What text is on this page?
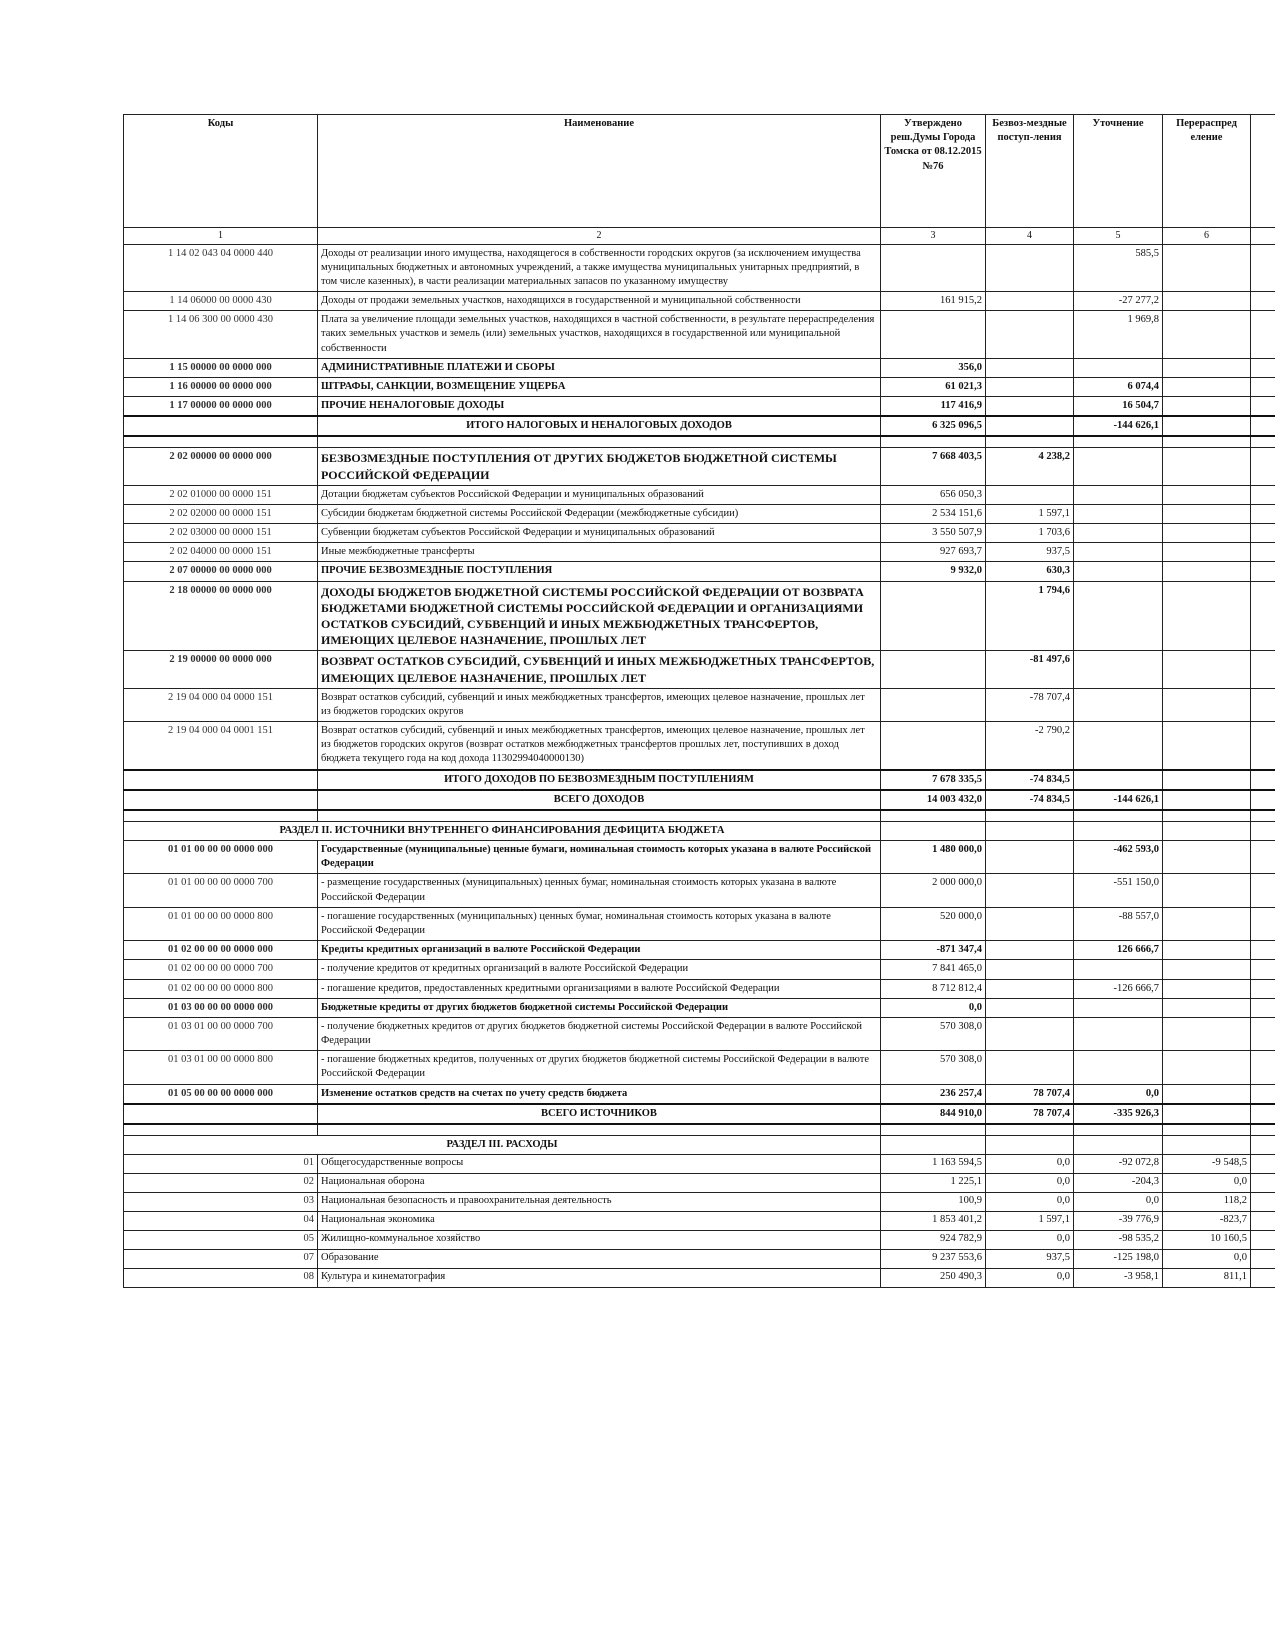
Коды	Наименование	Утверждено реш.Думы Города Томска от 08.12.2015 №76	Безвоз-мездные поступ-ления	Уточнение	Перераспред еление	
1	2	3	4	5	6	
1 14 02 043 04 0000 440	Доходы от реализации иного имущества, находящегося в собственности городских округов (за исключением имущества муниципальных бюджетных и автономных учреждений, а также имущества муниципальных унитарных предприятий, в том числе казенных), в части реализации материальных запасов по указанному имуществу			585,5		
1 14 06000 00 0000 430	Доходы от продажи земельных участков, находящихся в государственной и муниципальной собственности	161 915,2		-27 277,2		
1 14 06 300 00 0000 430	Плата за увеличение площади земельных участков, находящихся в частной собственности, в результате перераспределения таких земельных участков и земель (или) земельных участков, находящихся в государственной или муниципальной собственности			1 969,8		
1 15 00000 00 0000 000	АДМИНИСТРАТИВНЫЕ ПЛАТЕЖИ И СБОРЫ	356,0				
1 16 00000 00 0000 000	ШТРАФЫ, САНКЦИИ, ВОЗМЕЩЕНИЕ УЩЕРБА	61 021,3		6 074,4		
1 17 00000 00 0000 000	ПРОЧИЕ НЕНАЛОГОВЫЕ ДОХОДЫ	117 416,9		16 504,7		
	ИТОГО НАЛОГОВЫХ И НЕНАЛОГОВЫХ ДОХОДОВ	6 325 096,5		-144 626,1		

2 02 00000 00 0000 000	БЕЗВОЗМЕЗДНЫЕ ПОСТУПЛЕНИЯ ОТ ДРУГИХ БЮДЖЕТОВ БЮДЖЕТНОЙ СИСТЕМЫ РОССИЙСКОЙ ФЕДЕРАЦИИ	7 668 403,5	4 238,2			
2 02 01000 00 0000 151	Дотации бюджетам субъектов Российской Федерации и муниципальных образований	656 050,3				
2 02 02000 00 0000 151	Субсидии бюджетам бюджетной системы Российской Федерации (межбюджетные субсидии)	2 534 151,6	1 597,1			
2 02 03000 00 0000 151	Субвенции бюджетам субъектов Российской Федерации и муниципальных образований	3 550 507,9	1 703,6			
2 02 04000 00 0000 151	Иные межбюджетные трансферты	927 693,7	937,5			
2 07 00000 00 0000 000	ПРОЧИЕ БЕЗВОЗМЕЗДНЫЕ ПОСТУПЛЕНИЯ	9 932,0	630,3			
2 18 00000 00 0000 000	ДОХОДЫ БЮДЖЕТОВ БЮДЖЕТНОЙ СИСТЕМЫ РОССИЙСКОЙ ФЕДЕРАЦИИ ОТ ВОЗВРАТА БЮДЖЕТАМИ БЮДЖЕТНОЙ СИСТЕМЫ РОССИЙСКОЙ ФЕДЕРАЦИИ И ОРГАНИЗАЦИЯМИ ОСТАТКОВ СУБСИДИЙ, СУБВЕНЦИЙ И ИНЫХ МЕЖБЮДЖЕТНЫХ ТРАНСФЕРТОВ, ИМЕЮЩИХ ЦЕЛЕВОЕ НАЗНАЧЕНИЕ, ПРОШЛЫХ ЛЕТ		1 794,6			
2 19 00000 00 0000 000	ВОЗВРАТ ОСТАТКОВ СУБСИДИЙ, СУБВЕНЦИЙ И ИНЫХ МЕЖБЮДЖЕТНЫХ ТРАНСФЕРТОВ, ИМЕЮЩИХ ЦЕЛЕВОЕ НАЗНАЧЕНИЕ, ПРОШЛЫХ ЛЕТ		-81 497,6			
2 19 04 000 04 0000 151	Возврат остатков субсидий, субвенций и иных межбюджетных трансфертов, имеющих целевое назначение, прошлых лет из бюджетов городских округов		-78 707,4			
2 19 04 000 04 0001 151	Возврат остатков субсидий, субвенций и иных межбюджетных трансфертов, имеющих целевое назначение, прошлых лет из бюджетов городских округов (возврат остатков межбюджетных трансфертов прошлых лет, поступивших в доход бюджета текущего года на код дохода 11302994040000130)		-2 790,2			
	ИТОГО ДОХОДОВ ПО БЕЗВОЗМЕЗДНЫМ ПОСТУПЛЕНИЯМ	7 678 335,5	-74 834,5			
	ВСЕГО ДОХОДОВ	14 003 432,0	-74 834,5	-144 626,1		

РАЗДЕЛ II. ИСТОЧНИКИ ВНУТРЕННЕГО ФИНАНСИРОВАНИЯ ДЕФИЦИТА БЮДЖЕТА						
01 01 00 00 00 0000 000	Государственные (муниципальные) ценные бумаги, номинальная стоимость которых указана в валюте Российской Федерации	1 480 000,0		-462 593,0		
01 01 00 00 00 0000 700	- размещение государственных (муниципальных) ценных бумаг, номинальная стоимость которых указана в валюте Российской Федерации	2 000 000,0		-551 150,0		
01 01 00 00 00 0000 800	- погашение государственных (муниципальных) ценных бумаг, номинальная стоимость которых указана в валюте Российской Федерации	520 000,0		-88 557,0		
01 02 00 00 00 0000 000	Кредиты кредитных организаций в валюте Российской Федерации	-871 347,4		126 666,7		
01 02 00 00 00 0000 700	- получение кредитов от кредитных организаций в валюте Российской Федерации	7 841 465,0				
01 02 00 00 00 0000 800	- погашение кредитов, предоставленных кредитными организациями в валюте Российской Федерации	8 712 812,4		-126 666,7		
01 03 00 00 00 0000 000	Бюджетные кредиты от других бюджетов бюджетной системы Российской Федерации	0,0				
01 03 01 00 00 0000 700	- получение бюджетных кредитов от других бюджетов бюджетной системы Российской Федерации в валюте Российской Федерации	570 308,0				
01 03 01 00 00 0000 800	- погашение бюджетных кредитов, полученных от других бюджетов бюджетной системы Российской Федерации в валюте Российской Федерации	570 308,0				
01 05 00 00 00 0000 000	Изменение остатков средств на счетах по учету средств бюджета	236 257,4	78 707,4	0,0		
	ВСЕГО ИСТОЧНИКОВ	844 910,0	78 707,4	-335 926,3		

РАЗДЕЛ III. РАСХОДЫ						
01	Общегосударственные вопросы	1 163 594,5	0,0	-92 072,8	-9 548,5	
02	Национальная оборона	1 225,1	0,0	-204,3	0,0	
03	Национальная безопасность и правоохранительная деятельность	100,9	0,0	0,0	118,2	
04	Национальная экономика	1 853 401,2	1 597,1	-39 776,9	-823,7	
05	Жилищно-коммунальное хозяйство	924 782,9	0,0	-98 535,2	10 160,5	
07	Образование	9 237 553,6	937,5	-125 198,0	0,0	
08	Культура и кинематография	250 490,3	0,0	-3 958,1	811,1	
